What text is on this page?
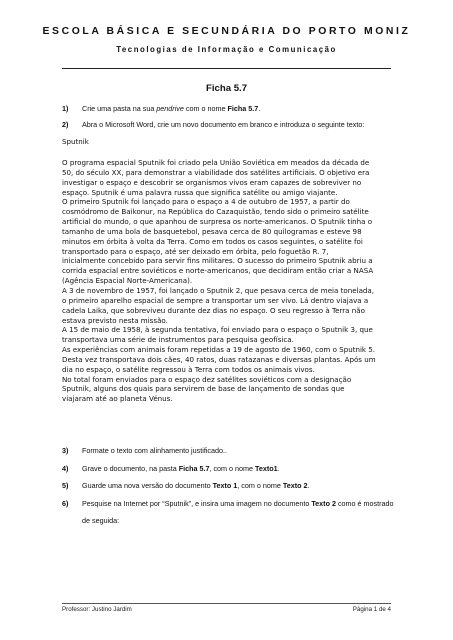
ESCOLA BÁSICA E SECUNDÁRIA DO PORTO MONIZ
Tecnologias de Informação e Comunicação
Ficha 5.7
1) Crie uma pasta na sua pendrive com o nome Ficha 5.7.
2) Abra o Microsoft Word, crie um novo documento em branco e introduza o seguinte texto:
Sputnik
O programa espacial Sputnik foi criado pela União Soviética em meados da década de
50, do século XX, para demonstrar a viabilidade dos satélites artificiais. O objetivo era
investigar o espaço e descobrir se organismos vivos eram capazes de sobreviver no
espaço. Sputnik é uma palavra russa que significa satélite ou amigo viajante.
O primeiro Sputnik foi lançado para o espaço a 4 de outubro de 1957, a partir do
cosmódromo de Baikonur, na República do Cazaquistão, tendo sido o primeiro satélite
artificial do mundo, o que apanhou de surpresa os norte-americanos. O Sputnik tinha o
tamanho de uma bola de basquetebol, pesava cerca de 80 quilogramas e esteve 98
minutos em órbita à volta da Terra. Como em todos os casos seguintes, o satélite foi
transportado para o espaço, até ser deixado em órbita, pelo foguetão R. 7,
inicialmente concebido para servir fins militares. O sucesso do primeiro Sputnik abriu a
corrida espacial entre soviéticos e norte-americanos, que decidiram então criar a NASA
(Agência Espacial Norte-Americana).
A 3 de novembro de 1957, foi lançado o Sputnik 2, que pesava cerca de meia tonelada,
o primeiro aparelho espacial de sempre a transportar um ser vivo. Lá dentro viajava a
cadela Laika, que sobreviveu durante dez dias no espaço. O seu regresso à Terra não
estava previsto nesta missão.
A 15 de maio de 1958, à segunda tentativa, foi enviado para o espaço o Sputnik 3, que
transportava uma série de instrumentos para pesquisa geofísica.
As experiências com animais foram repetidas a 19 de agosto de 1960, com o Sputnik 5.
Desta vez transportava dois cães, 40 ratos, duas ratazanas e diversas plantas. Após um
dia no espaço, o satélite regressou à Terra com todos os animais vivos.
No total foram enviados para o espaço dez satélites soviéticos com a designação
Sputnik, alguns dos quais para servirem de base de lançamento de sondas que
viajaram até ao planeta Vénus.
3) Formate o texto com alinhamento justificado..
4) Grave o documento, na pasta Ficha 5.7, com o nome Texto1.
5) Guarde uma nova versão do documento Texto 1, com o nome Texto 2.
6) Pesquise na Internet por “Sputnik”, e insira uma imagem no documento Texto 2 como é mostrado de seguida:
Professor: Justino Jardim	Página 1 de 4
